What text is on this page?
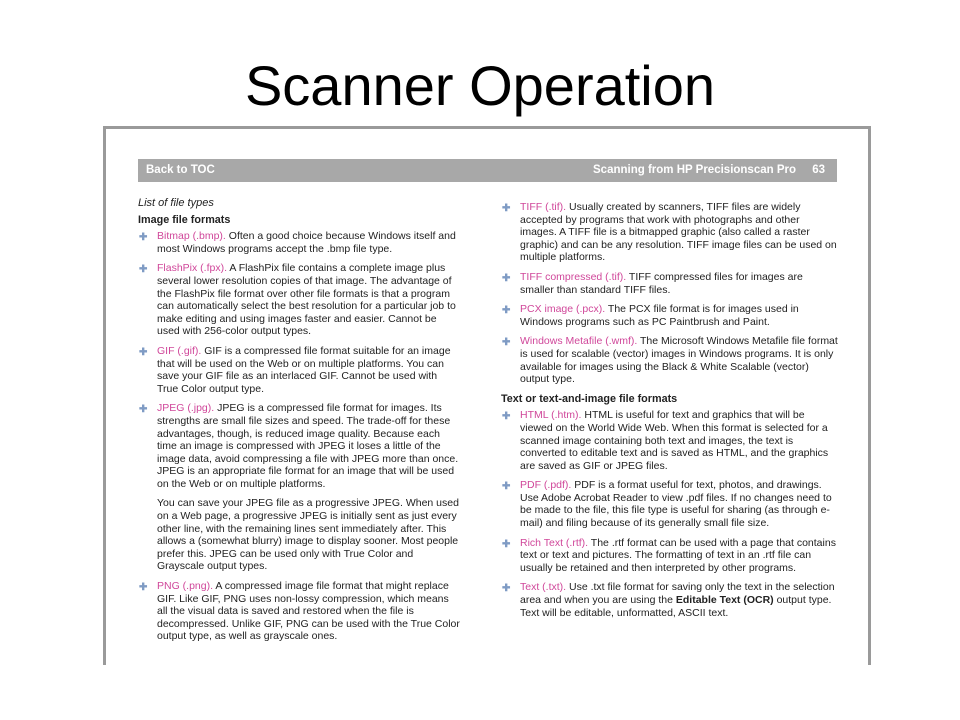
Scanner Operation
Back to TOC	Scanning from HP Precisionscan Pro 63
List of file types
Image file formats
✚ Bitmap (.bmp). Often a good choice because Windows itself and most Windows programs accept the .bmp file type.
✚ FlashPix (.fpx). A FlashPix file contains a complete image plus several lower resolution copies of that image. The advantage of the FlashPix file format over other file formats is that a program can automatically select the best resolution for a particular job to make editing and using images faster and easier. Cannot be used with 256-color output types.
✚ GIF (.gif). GIF is a compressed file format suitable for an image that will be used on the Web or on multiple platforms. You can save your GIF file as an interlaced GIF. Cannot be used with True Color output type.
✚ JPEG (.jpg). JPEG is a compressed file format for images. Its strengths are small file sizes and speed. The trade-off for these advantages, though, is reduced image quality. Because each time an image is compressed with JPEG it loses a little of the image data, avoid compressing a file with JPEG more than once. JPEG is an appropriate file format for an image that will be used on the Web or on multiple platforms.
You can save your JPEG file as a progressive JPEG. When used on a Web page, a progressive JPEG is initially sent as just every other line, with the remaining lines sent immediately after. This allows a (somewhat blurry) image to display sooner. Most people prefer this. JPEG can be used only with True Color and Grayscale output types.
✚ PNG (.png). A compressed image file format that might replace GIF. Like GIF, PNG uses non-lossy compression, which means all the visual data is saved and restored when the file is decompressed. Unlike GIF, PNG can be used with the True Color output type, as well as grayscale ones.
✚ TIFF (.tif). Usually created by scanners, TIFF files are widely accepted by programs that work with photographs and other images. A TIFF file is a bitmapped graphic (also called a raster graphic) and can be any resolution. TIFF image files can be used on multiple platforms.
✚ TIFF compressed (.tif). TIFF compressed files for images are smaller than standard TIFF files.
✚ PCX image (.pcx). The PCX file format is for images used in Windows programs such as PC Paintbrush and Paint.
✚ Windows Metafile (.wmf). The Microsoft Windows Metafile file format is used for scalable (vector) images in Windows programs. It is only available for images using the Black & White Scalable (vector) output type.
Text or text-and-image file formats
✚ HTML (.htm). HTML is useful for text and graphics that will be viewed on the World Wide Web. When this format is selected for a scanned image containing both text and images, the text is converted to editable text and is saved as HTML, and the graphics are saved as GIF or JPEG files.
✚ PDF (.pdf). PDF is a format useful for text, photos, and drawings. Use Adobe Acrobat Reader to view .pdf files. If no changes need to be made to the file, this file type is useful for sharing (as through e-mail) and filing because of its generally small file size.
✚ Rich Text (.rtf). The .rtf format can be used with a page that contains text or text and pictures. The formatting of text in an .rtf file can usually be retained and then interpreted by other programs.
✚ Text (.txt). Use .txt file format for saving only the text in the selection area and when you are using the Editable Text (OCR) output type. Text will be editable, unformatted, ASCII text.
